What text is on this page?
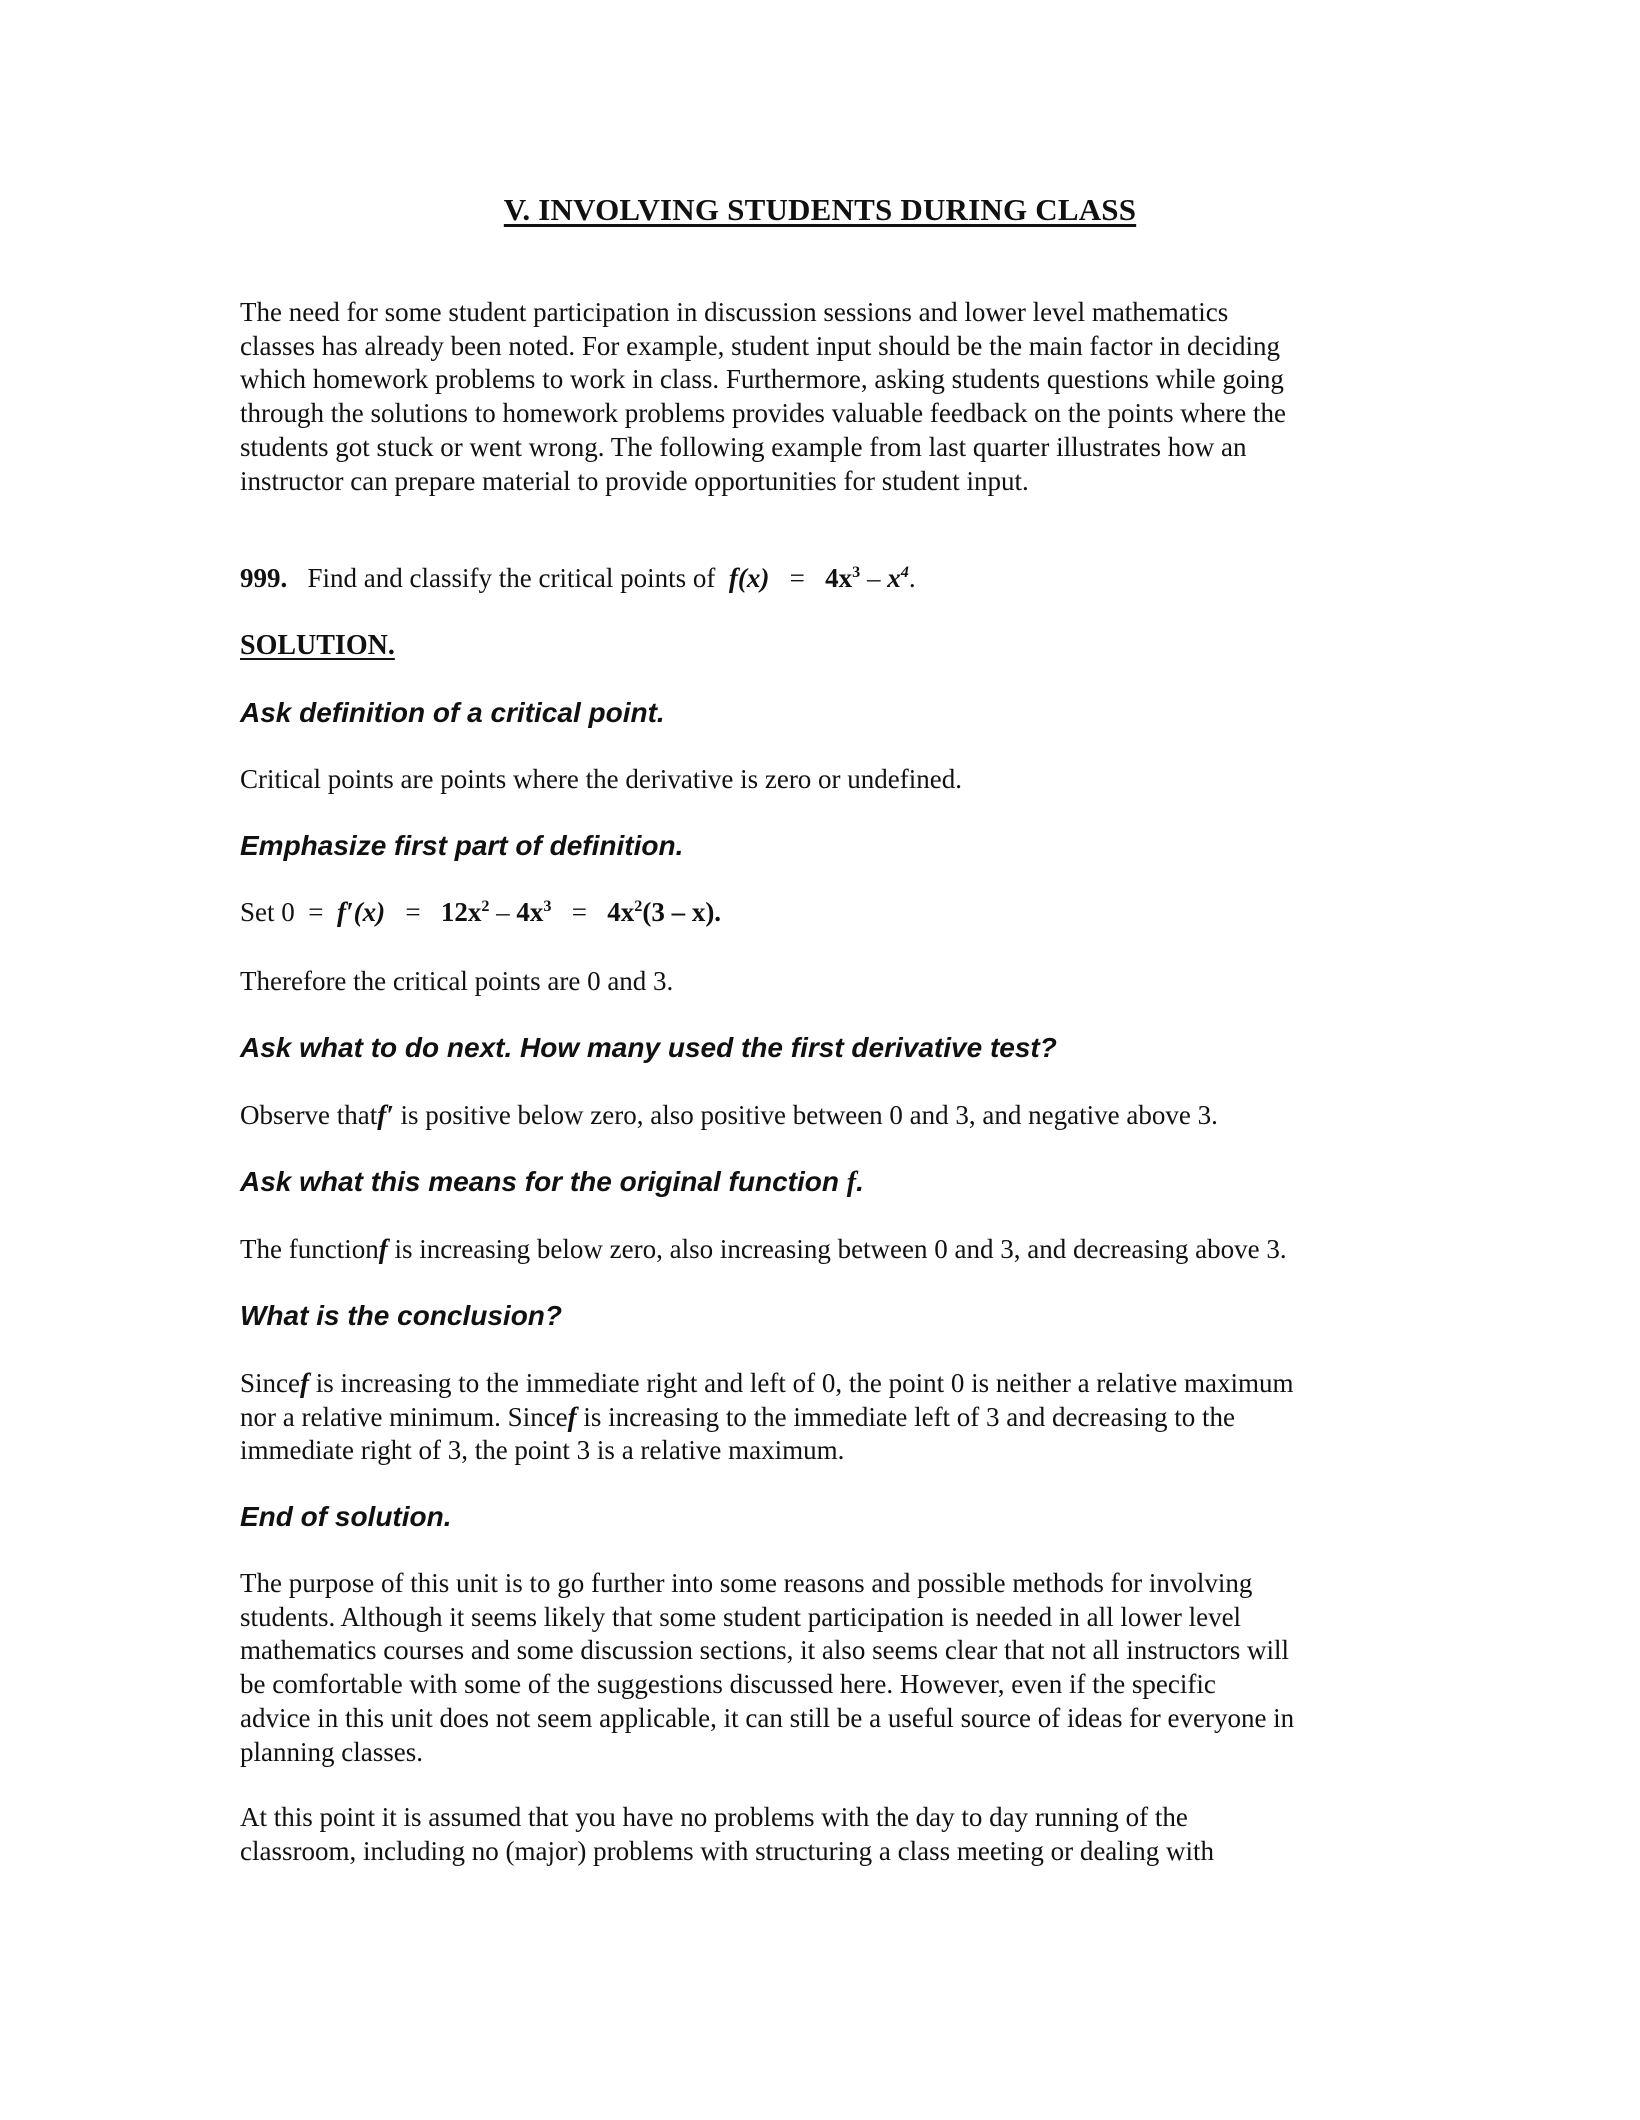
V. INVOLVING STUDENTS DURING CLASS

The need for some student participation in discussion sessions and lower level mathematics

classes has already been noted. For example, student input should be the main factor in deciding

which homework problems to work in class. Furthermore, asking students questions while going

through the solutions to homework problems provides valuable feedback on the points where the

students got stuck or went wrong. The following example from last quarter illustrates how an

instructor can prepare material to provide opportunities for student input.

999. Find and classify the critical points of $f(x) = 4x^3 - x^4$.
SOLUTION.

Ask definition of a critical point.

Critical points are points where the derivative is zero or undefined.

Emphasize first part of definition.

Set $0 = f'(x) = 12x^2 - 4x^3 = 4x^2(3 - x)$.

Therefore the critical points are 0 and 3.

Ask what to do next. How many used the first derivative test?

Observe thatf′ is positive below zero, also positive between 0 and 3, and negative above 3.

Ask what this means for the original function f.

The functionf is increasing below zero, also increasing between 0 and 3, and decreasing above 3.

What is the conclusion?

Sincef is increasing to the immediate right and left of 0, the point 0 is neither a relative maximum

nor a relative minimum. Sincef is increasing to the immediate left of 3 and decreasing to the

immediate right of 3, the point 3 is a relative maximum.

End of solution.

The purpose of this unit is to go further into some reasons and possible methods for involving

students. Although it seems likely that some student participation is needed in all lower level

mathematics courses and some discussion sections, it also seems clear that not all instructors will

be comfortable with some of the suggestions discussed here. However, even if the specific

advice in this unit does not seem applicable, it can still be a useful source of ideas for everyone in

planning classes.

At this point it is assumed that you have no problems with the day to day running of the

classroom, including no (major) problems with structuring a class meeting or dealing with
